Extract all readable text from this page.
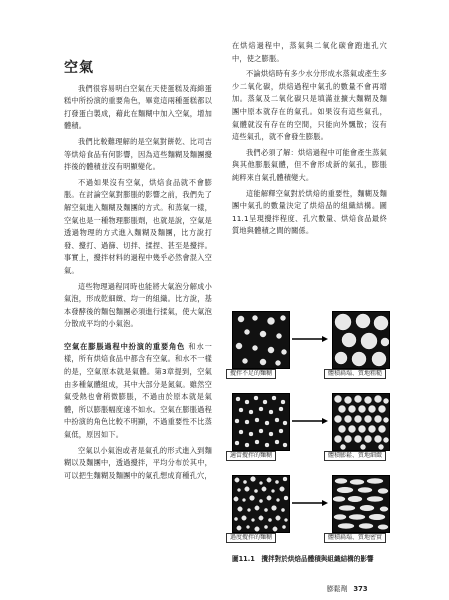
空氣

我們很容易明白空氣在天使蛋糕及海綿蛋糕中所扮演的重要角色，畢竟這兩種蛋糕都以打發蛋白製成，藉此在麵糊中加入空氣，增加體積。

我們比較難理解的是空氣對餅乾、比司吉等烘焙食品有何影響，因為這些麵糊及麵團攪拌後的體積並沒有明顯變化。

不過如果沒有空氣，烘焙食品就不會膨脹。在討論空氣對膨脹的影響之前，我們先了解空氣進入麵糊及麵團的方式。和蒸氣一樣，空氣也是一種物理膨脹劑，也就是說，空氣是透過物理的方式進入麵糊及麵團，比方說打發、攪打、過篩、切拌、揉捏、甚至是攪拌。事實上，攪拌材料的過程中幾乎必然會混入空氣。

這些物理過程同時也能將大氣泡分解成小氣泡，形成乾細緻、均一的組織。比方說，基本發酵後的麵包麵團必須進行揉氣，使大氣泡分散成平均的小氣泡。

空氣在膨脹過程中扮演的重要角色 和水一樣，所有烘焙食品中都含有空氣。和水不一樣的是，空氣原本就是氣體。第3章提到，空氣由多種氣體組成，其中大部分是氮氣。雖然空氣受熱也會稍微膨脹，不過由於原本就是氣體，所以膨脹幅度遠不如水。空氣在膨脹過程中扮演的角色比較不明顯，不過重要性不比蒸氣低，原因如下。

空氣以小氣泡或者是氣孔的形式進入到麵糊以及麵團中，透過攪拌，平均分布於其中，可以把生麵糊及麵團中的氣孔想成育種孔穴，

在烘焙過程中，蒸氣與二氧化碳會跑進孔穴中，使之膨脹。

不論烘焙時有多少水分形成水蒸氣或產生多少二氧化碳，烘焙過程中氣孔的數量不會再增加。蒸氣及二氧化碳只是填滿並擴大麵糊及麵團中原本就存在的氣孔。如果沒有這些氣孔，氣體就沒有存在的空間，只能向外飄散；沒有這些氣孔，就不會發生膨脹。

我們必須了解：烘焙過程中可能會產生蒸氣與其他膨脹氣體，但不會形成新的氣孔，膨脹純粹來自氣孔體積變大。

這能解釋空氣對於烘焙的重要性，麵糊及麵團中氣孔的數量決定了烘焙品的組織結構。圖11.1呈現攪拌程度、孔穴數量、烘焙食品最終質地與體積之間的關係。

攪拌不足的麵糊	體積扁塌、質地粗糙
適當攪拌的麵糊	體積膨鬆、質地細緻
過度攪拌的麵糊	體積扁塌、質地密實
圖11.1　攪拌對於烘焙品體積與組織結構的影響
膨鬆劑 373
